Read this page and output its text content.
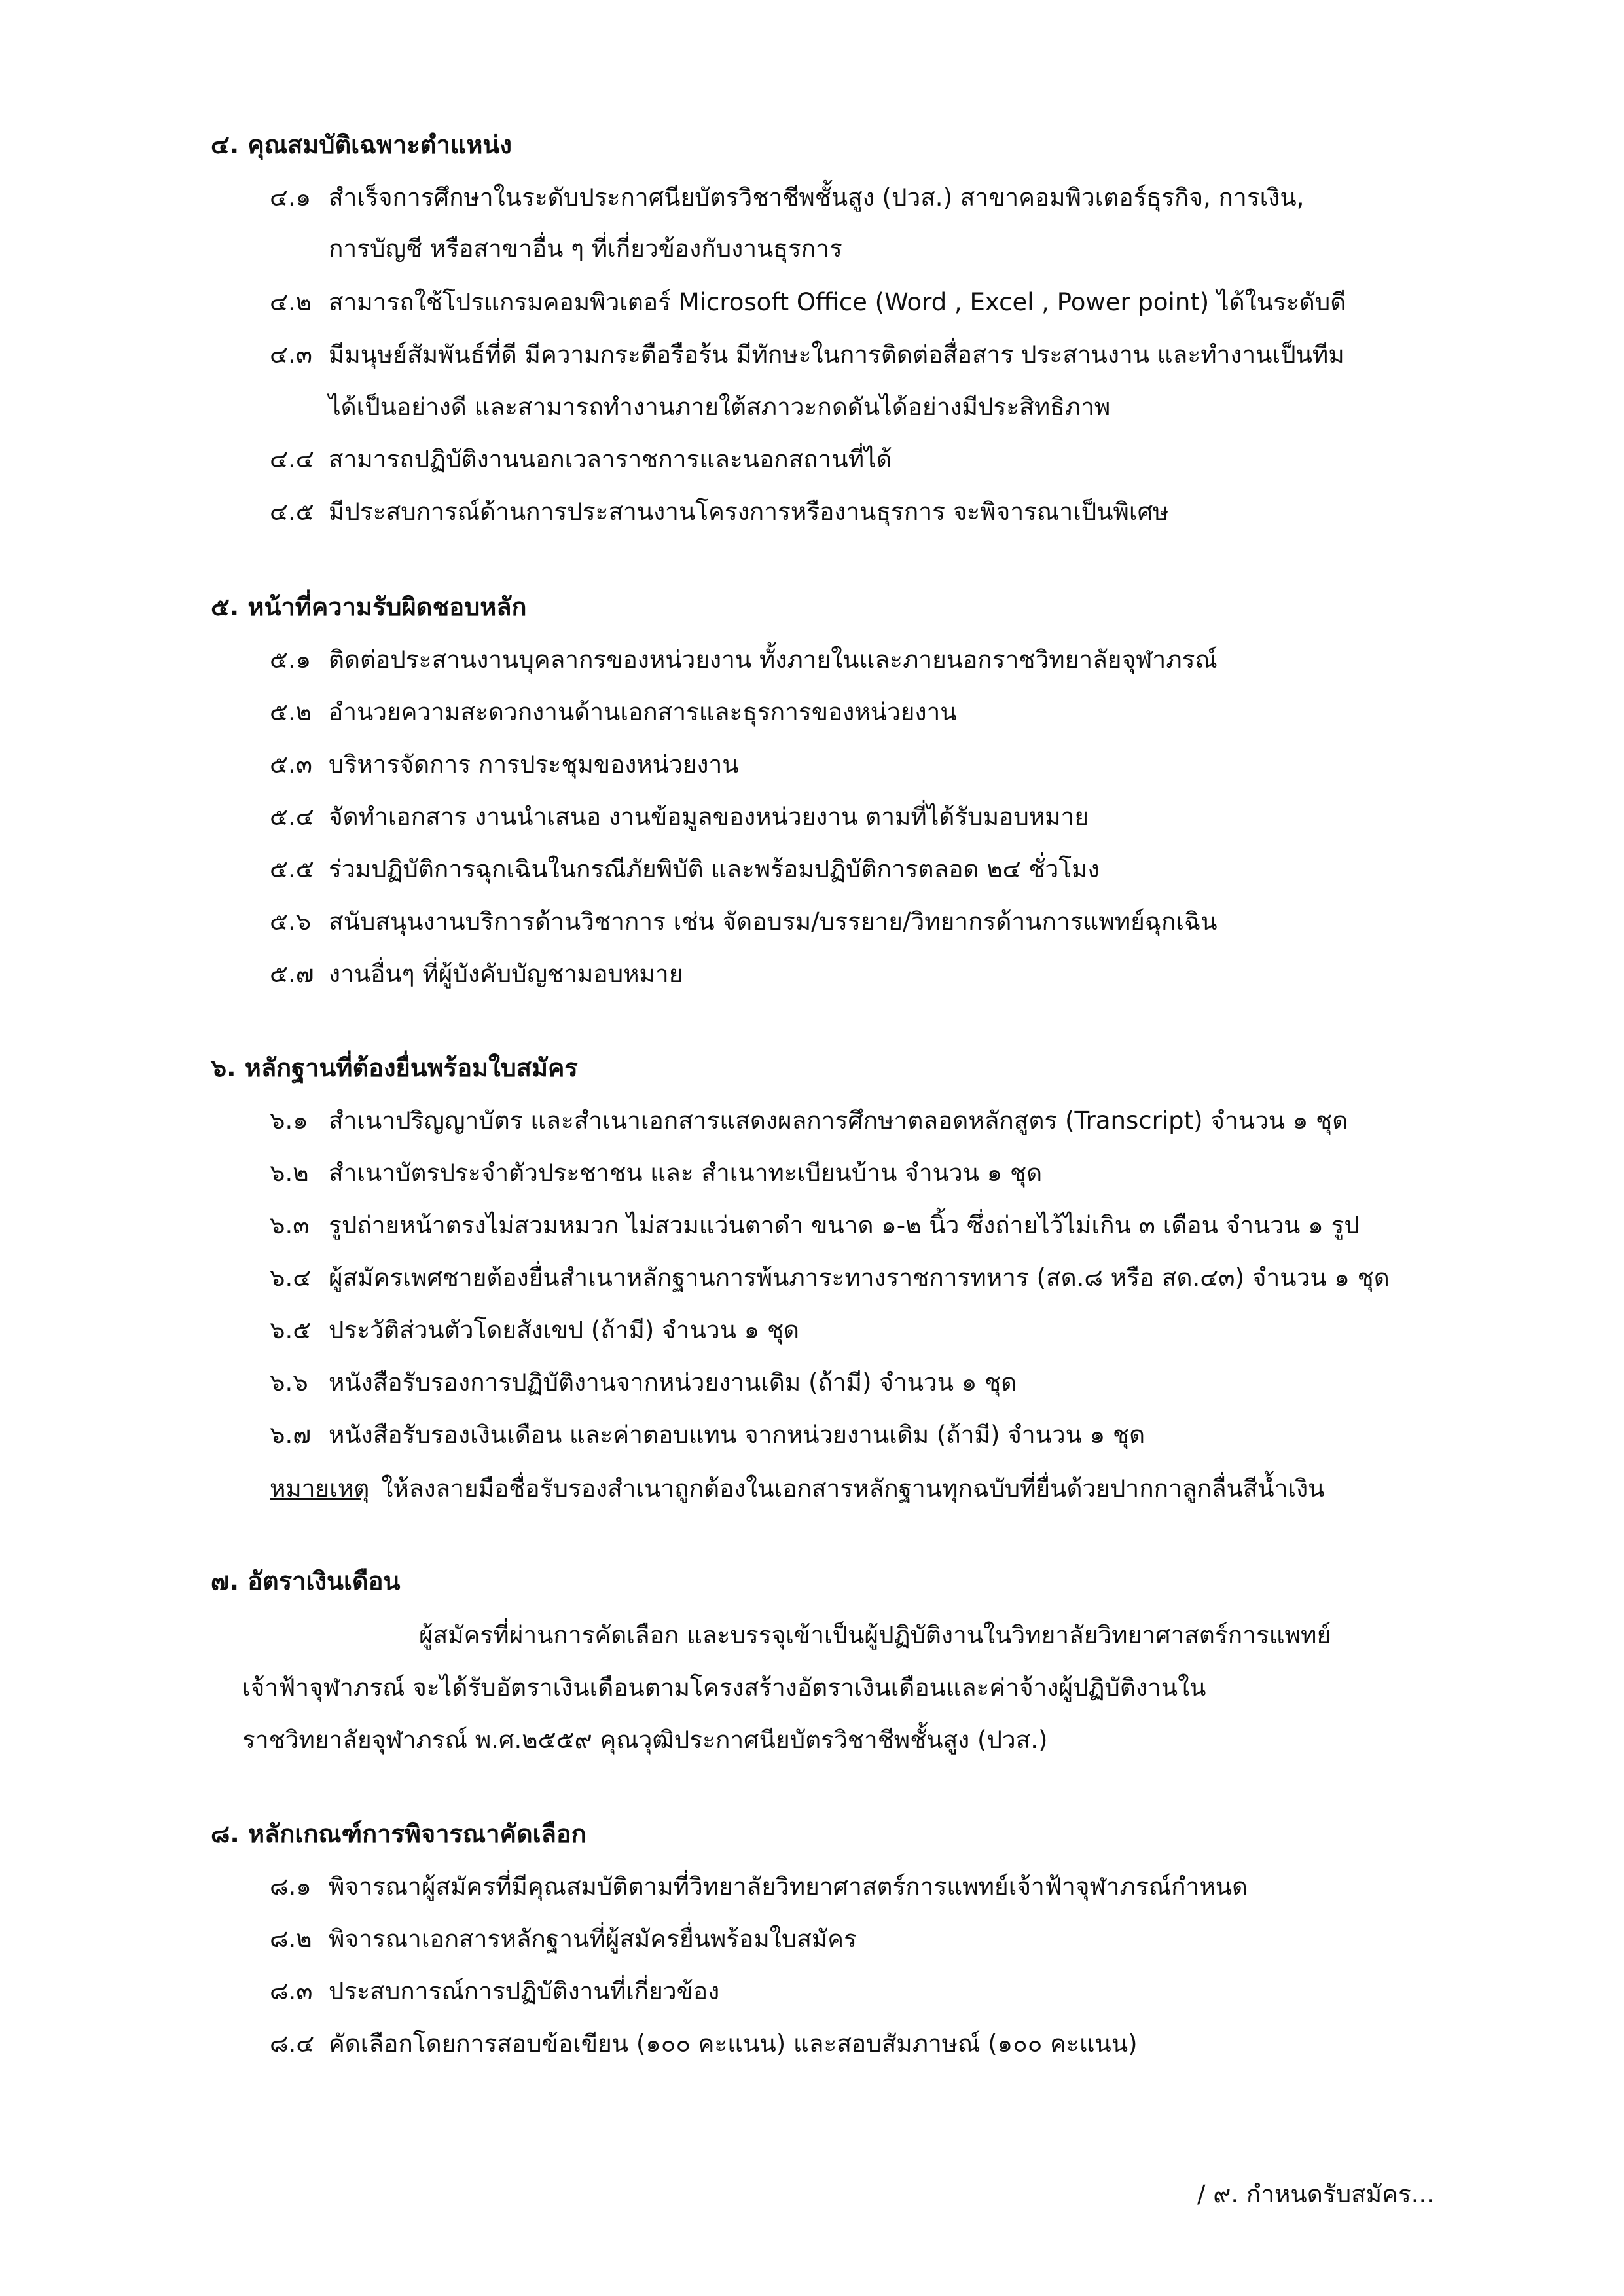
๔. คุณสมบัติเฉพาะตำแหน่ง
๔.๑ สำเร็จการศึกษาในระดับประกาศนียบัตรวิชาชีพชั้นสูง (ปวส.) สาขาคอมพิวเตอร์ธุรกิจ, การเงิน,
การบัญชี หรือสาขาอื่น ๆ ที่เกี่ยวข้องกับงานธุรการ
๔.๒ สามารถใช้โปรแกรมคอมพิวเตอร์ Microsoft Office (Word , Excel , Power point) ได้ในระดับดี
๔.๓ มีมนุษย์สัมพันธ์ที่ดี มีความกระตือรือร้น มีทักษะในการติดต่อสื่อสาร ประสานงาน และทำงานเป็นทีม
ได้เป็นอย่างดี และสามารถทำงานภายใต้สภาวะกดดันได้อย่างมีประสิทธิภาพ
๔.๔ สามารถปฏิบัติงานนอกเวลาราชการและนอกสถานที่ได้
๔.๕ มีประสบการณ์ด้านการประสานงานโครงการหรืองานธุรการ จะพิจารณาเป็นพิเศษ
๕. หน้าที่ความรับผิดชอบหลัก
๕.๑ ติดต่อประสานงานบุคลากรของหน่วยงาน ทั้งภายในและภายนอกราชวิทยาลัยจุฬาภรณ์
๕.๒ อำนวยความสะดวกงานด้านเอกสารและธุรการของหน่วยงาน
๕.๓ บริหารจัดการ การประชุมของหน่วยงาน
๕.๔ จัดทำเอกสาร งานนำเสนอ งานข้อมูลของหน่วยงาน ตามที่ได้รับมอบหมาย
๕.๕ ร่วมปฏิบัติการฉุกเฉินในกรณีภัยพิบัติ และพร้อมปฏิบัติการตลอด ๒๔ ชั่วโมง
๕.๖ สนับสนุนงานบริการด้านวิชาการ เช่น จัดอบรม/บรรยาย/วิทยากรด้านการแพทย์ฉุกเฉิน
๕.๗ งานอื่นๆ ที่ผู้บังคับบัญชามอบหมาย
๖. หลักฐานที่ต้องยื่นพร้อมใบสมัคร
๖.๑ สำเนาปริญญาบัตร และสำเนาเอกสารแสดงผลการศึกษาตลอดหลักสูตร (Transcript) จำนวน ๑ ชุด
๖.๒ สำเนาบัตรประจำตัวประชาชน และ สำเนาทะเบียนบ้าน จำนวน ๑ ชุด
๖.๓ รูปถ่ายหน้าตรงไม่สวมหมวก ไม่สวมแว่นตาดำ ขนาด ๑-๒ นิ้ว ซึ่งถ่ายไว้ไม่เกิน ๓ เดือน จำนวน ๑ รูป
๖.๔ ผู้สมัครเพศชายต้องยื่นสำเนาหลักฐานการพ้นภาระทางราชการทหาร (สด.๘ หรือ สด.๔๓) จำนวน ๑ ชุด
๖.๕ ประวัติส่วนตัวโดยสังเขป (ถ้ามี) จำนวน ๑ ชุด
๖.๖ หนังสือรับรองการปฏิบัติงานจากหน่วยงานเดิม (ถ้ามี) จำนวน ๑ ชุด
๖.๗ หนังสือรับรองเงินเดือน และค่าตอบแทน จากหน่วยงานเดิม (ถ้ามี) จำนวน ๑ ชุด
หมายเหตุ ให้ลงลายมือชื่อรับรองสำเนาถูกต้องในเอกสารหลักฐานทุกฉบับที่ยื่นด้วยปากกาลูกลื่นสีน้ำเงิน
๗. อัตราเงินเดือน
ผู้สมัครที่ผ่านการคัดเลือก และบรรจุเข้าเป็นผู้ปฏิบัติงานในวิทยาลัยวิทยาศาสตร์การแพทย์
เจ้าฟ้าจุฬาภรณ์ จะได้รับอัตราเงินเดือนตามโครงสร้างอัตราเงินเดือนและค่าจ้างผู้ปฏิบัติงานใน
ราชวิทยาลัยจุฬาภรณ์ พ.ศ.๒๕๕๙ คุณวุฒิประกาศนียบัตรวิชาชีพชั้นสูง (ปวส.)
๘. หลักเกณฑ์การพิจารณาคัดเลือก
๘.๑ พิจารณาผู้สมัครที่มีคุณสมบัติตามที่วิทยาลัยวิทยาศาสตร์การแพทย์เจ้าฟ้าจุฬาภรณ์กำหนด
๘.๒ พิจารณาเอกสารหลักฐานที่ผู้สมัครยื่นพร้อมใบสมัคร
๘.๓ ประสบการณ์การปฏิบัติงานที่เกี่ยวข้อง
๘.๔ คัดเลือกโดยการสอบข้อเขียน (๑๐๐ คะแนน) และสอบสัมภาษณ์ (๑๐๐ คะแนน)
/ ๙. กำหนดรับสมัคร...
